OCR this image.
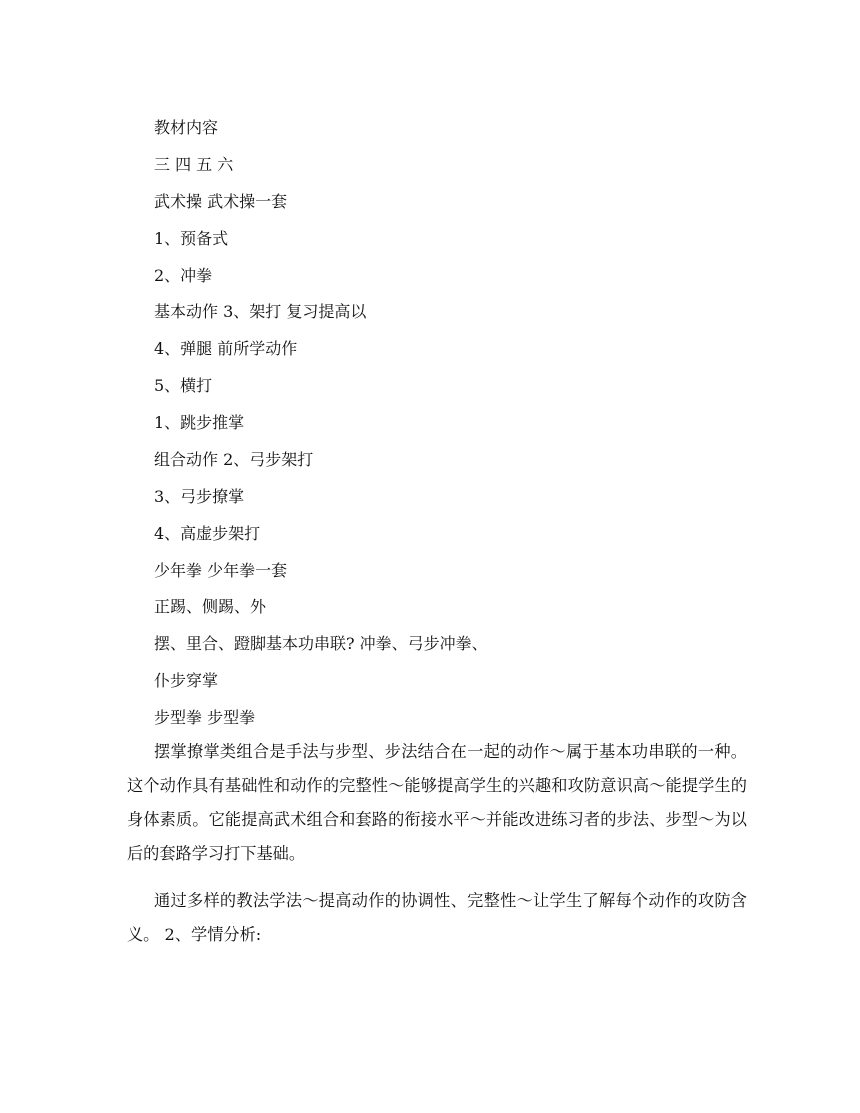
教材内容
三 四 五 六
武术操 武术操一套
1、预备式
2、冲拳
基本动作 3、架打 复习提高以
4、弹腿 前所学动作
5、横打
1、跳步推掌
组合动作 2、弓步架打
3、弓步撩掌
4、高虚步架打
少年拳 少年拳一套
正踢、侧踢、外
摆、里合、蹬脚基本功串联? 冲拳、弓步冲拳、
仆步穿掌
步型拳 步型拳

摆掌撩掌类组合是手法与步型、步法结合在一起的动作～属于基本功串联的一种。这个动作具有基础性和动作的完整性～能够提高学生的兴趣和攻防意识高～能提学生的身体素质。它能提高武术组合和套路的衔接水平～并能改进练习者的步法、步型～为以后的套路学习打下基础。

通过多样的教法学法～提高动作的协调性、完整性～让学生了解每个动作的攻防含义。 2、学情分析:
